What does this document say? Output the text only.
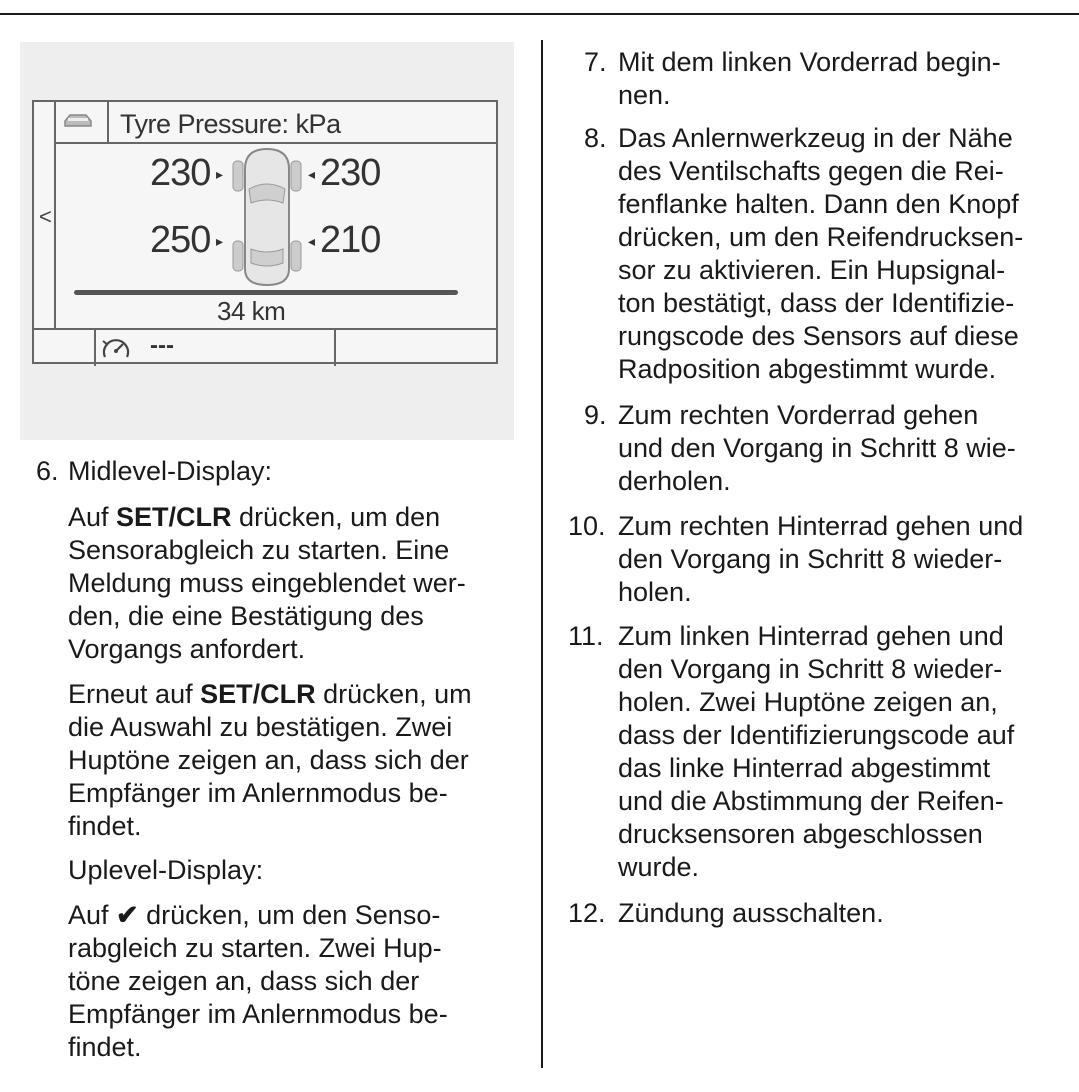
<
Tyre Pressure: kPa
230 ▸	◂ 230
250 ▸	◂ 210
34 km
---
6. Midlevel-Display:

Auf SET/CLR drücken, um den

Sensorabgleich zu starten. Eine

Meldung muss eingeblendet wer-

den, die eine Bestätigung des

Vorgangs anfordert.

Erneut auf SET/CLR drücken, um

die Auswahl zu bestätigen. Zwei

Huptöne zeigen an, dass sich der

Empfänger im Anlernmodus be-

findet.

Uplevel-Display:

Auf ✔ drücken, um den Senso-

rabgleich zu starten. Zwei Hup-

töne zeigen an, dass sich der

Empfänger im Anlernmodus be-

findet.

7. Mit dem linken Vorderrad begin-

nen.

8. Das Anlernwerkzeug in der Nähe

des Ventilschafts gegen die Rei-

fenflanke halten. Dann den Knopf

drücken, um den Reifendrucksen-

sor zu aktivieren. Ein Hupsignal-

ton bestätigt, dass der Identifizie-

rungscode des Sensors auf diese

Radposition abgestimmt wurde.

9. Zum rechten Vorderrad gehen

und den Vorgang in Schritt 8 wie-

derholen.

10. Zum rechten Hinterrad gehen und

den Vorgang in Schritt 8 wieder-

holen.

11. Zum linken Hinterrad gehen und

den Vorgang in Schritt 8 wieder-

holen. Zwei Huptöne zeigen an,

dass der Identifizierungscode auf

das linke Hinterrad abgestimmt

und die Abstimmung der Reifen-

drucksensoren abgeschlossen

wurde.

12. Zündung ausschalten.
